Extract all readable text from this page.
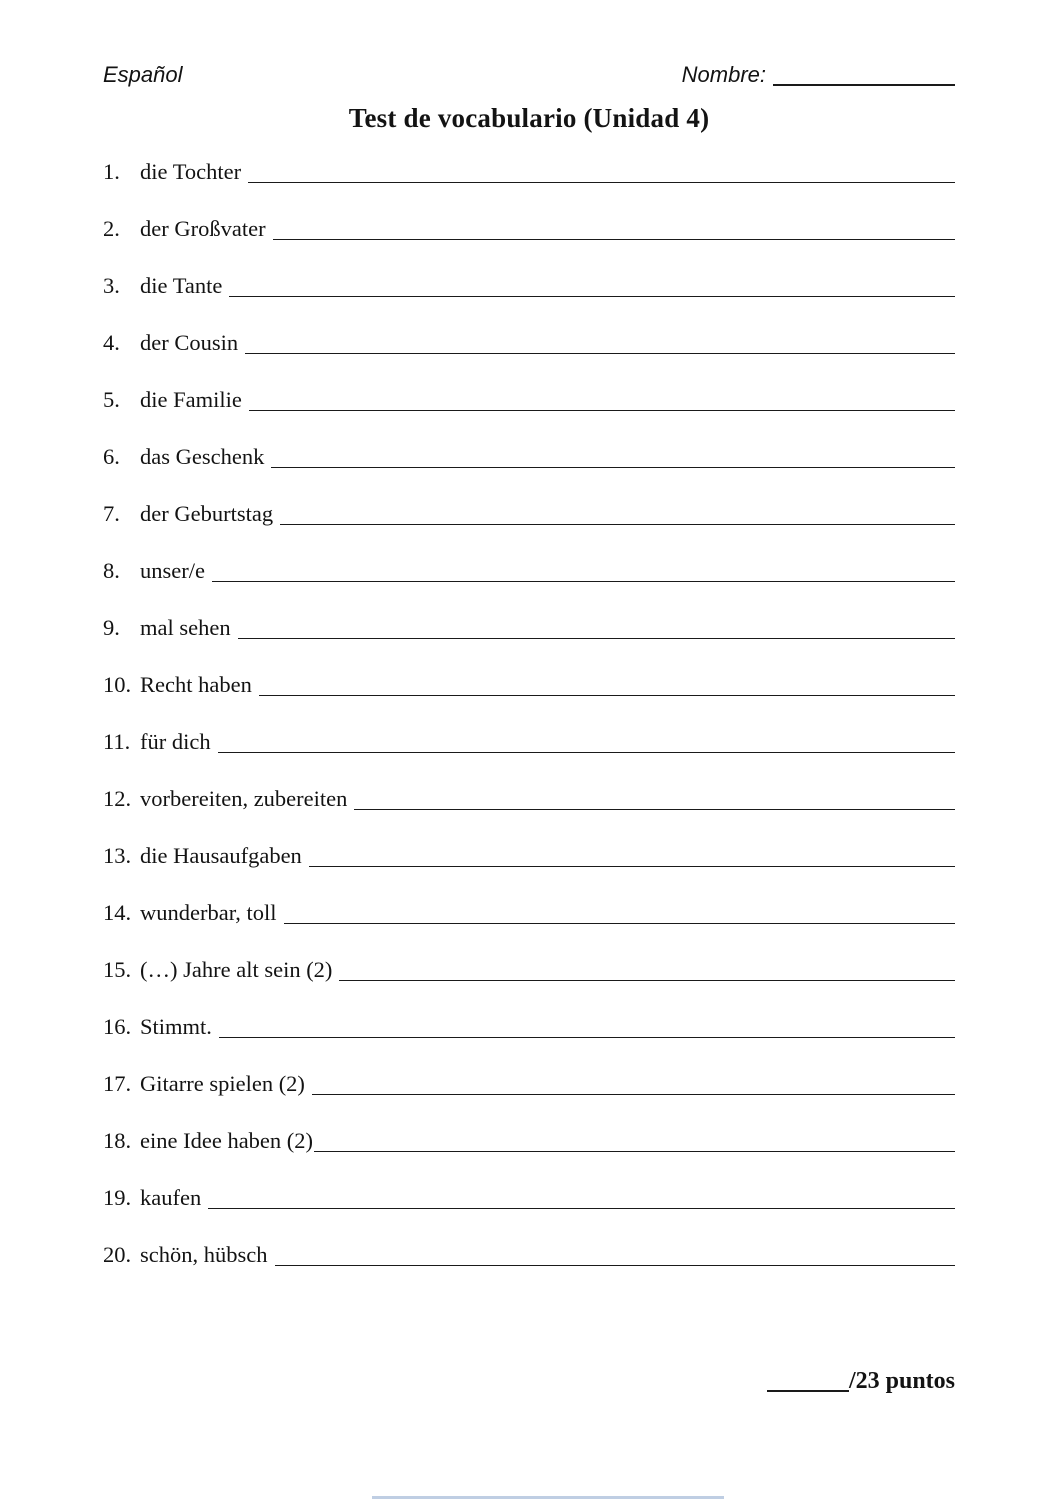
Español	Nombre:
Test de vocabulario (Unidad 4)
1. die Tochter
2. der Großvater
3. die Tante
4. der Cousin
5. die Familie
6. das Geschenk
7. der Geburtstag
8. unser/e
9. mal sehen
10. Recht haben
11. für dich
12. vorbereiten, zubereiten
13. die Hausaufgaben
14. wunderbar, toll
15. (…) Jahre alt sein (2)
16. Stimmt.
17. Gitarre spielen (2)
18. eine Idee haben (2)
19. kaufen
20. schön, hübsch
/23 puntos
